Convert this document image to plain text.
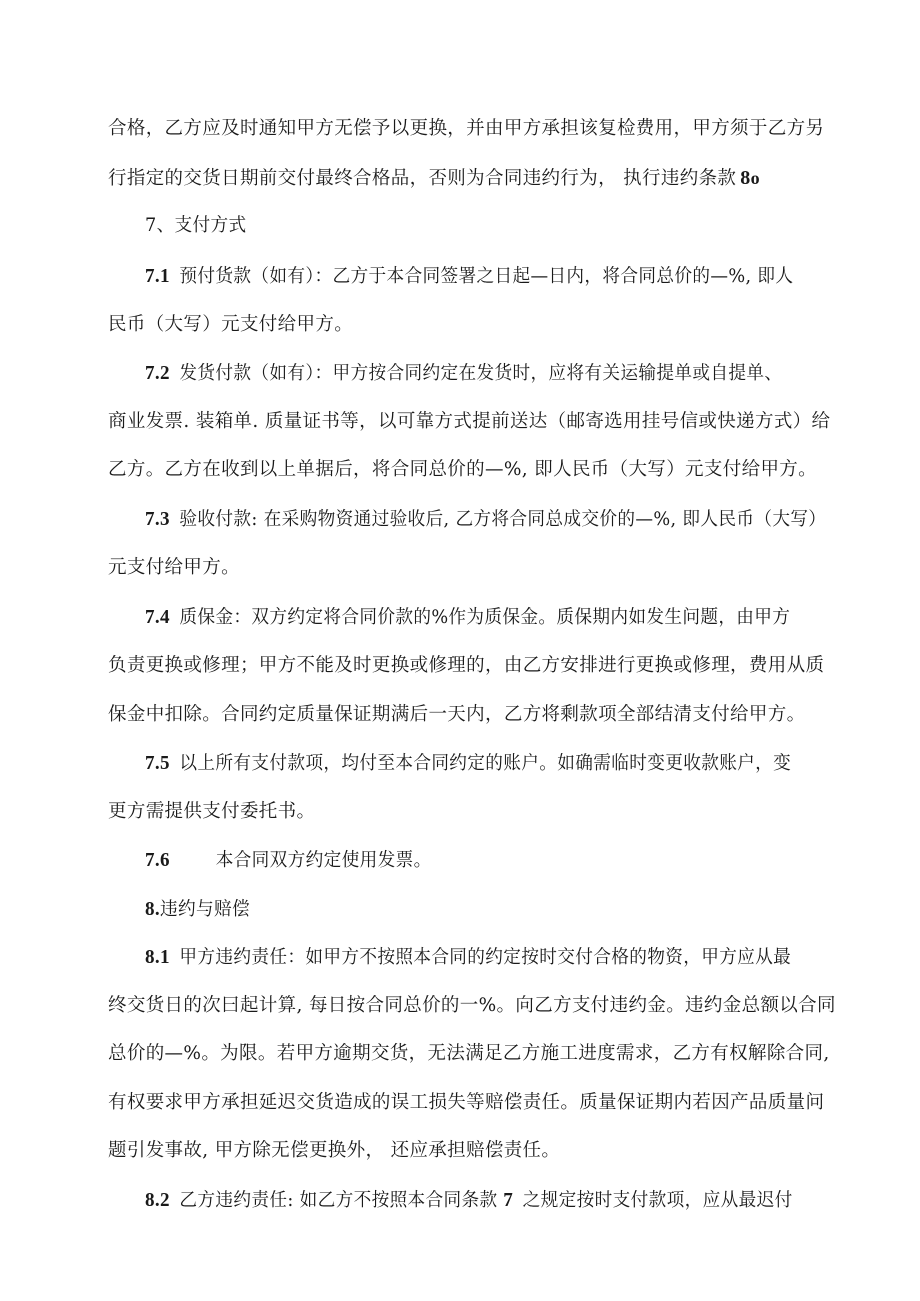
合格，乙方应及时通知甲方无偿予以更换，并由甲方承担该复检费用，甲方须于乙方另
行指定的交货日期前交付最终合格品，否则为合同违约行为， 执行违约条款 8o
7、支付方式
7.1 预付货款（如有）：乙方于本合同签署之日起—日内，将合同总价的—%, 即人
民币（大写）元支付给甲方。
7.2 发货付款（如有）：甲方按合同约定在发货时，应将有关运输提单或自提单、
商业发票. 装箱单. 质量证书等，以可靠方式提前送达（邮寄选用挂号信或快递方式）给
乙方。乙方在收到以上单据后，将合同总价的—%, 即人民币（大写）元支付给甲方。
7.3 验收付款: 在采购物资通过验收后, 乙方将合同总成交价的—%, 即人民币（大写）
元支付给甲方。
7.4 质保金：双方约定将合同价款的%作为质保金。质保期内如发生问题，由甲方
负责更换或修理；甲方不能及时更换或修理的，由乙方安排进行更换或修理，费用从质
保金中扣除。合同约定质量保证期满后一天内，乙方将剩款项全部结清支付给甲方。
7.5 以上所有支付款项，均付至本合同约定的账户。如确需临时变更收款账户，变
更方需提供支付委托书。
7.6 本合同双方约定使用发票。
8.违约与赔偿
8.1 甲方违约责任：如甲方不按照本合同的约定按时交付合格的物资，甲方应从最
终交货日的次曰起计算, 每日按合同总价的一%。向乙方支付违约金。违约金总额以合同
总价的—%。为限。若甲方逾期交货，无法满足乙方施工进度需求，乙方有权解除合同,
有权要求甲方承担延迟交货造成的误工损失等赔偿责任。质量保证期内若因产品质量问
题引发事故, 甲方除无偿更换外， 还应承担赔偿责任。
8.2 乙方违约责任: 如乙方不按照本合同条款 7 之规定按时支付款项，应从最迟付
